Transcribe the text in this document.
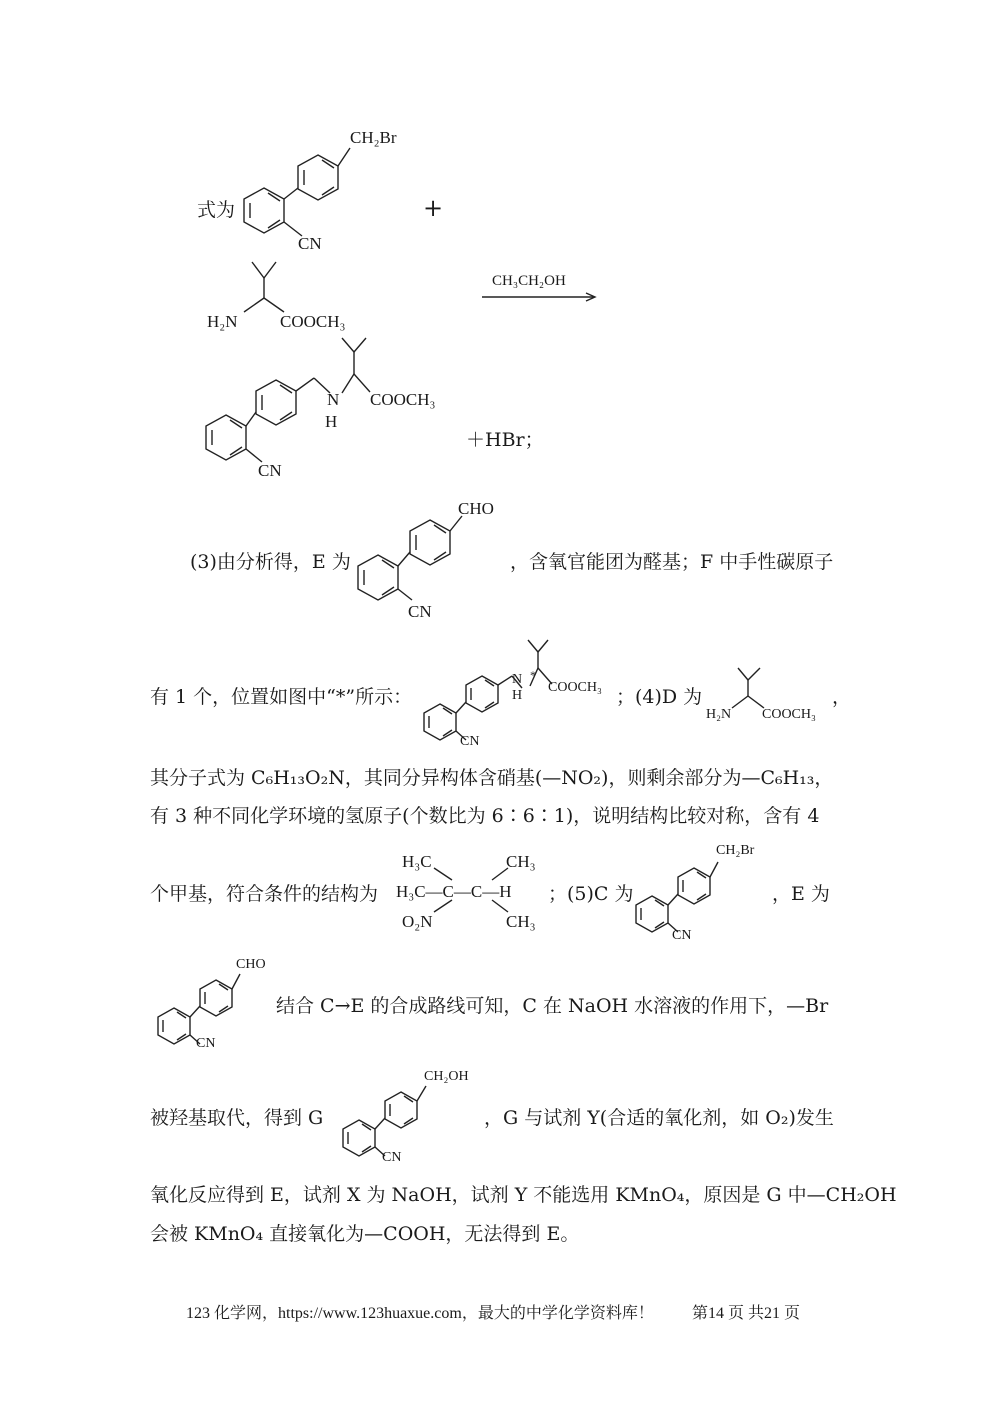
式为
CH₂Br
CN
+
H₂N	COOCH₃
CH₃CH₂OH
N
H
COOCH₃
CN
＋HBr；
(3)由分析得，E 为
CHO
CN
，含氧官能团为醛基；F 中手性碳原子
有 1 个，位置如图中“*”所示：
N
H
*
COOCH₃
CN
；(4)D 为
H₂N COOCH₃
，
其分子式为 C₆H₁₃O₂N，其同分异构体含硝基(—NO₂)，则剩余部分为—C₆H₁₃，
有 3 种不同化学环境的氢原子(个数比为 6∶6∶1)，说明结构比较对称，含有 4
个甲基，符合条件的结构为
H₃C	CH₃
H₃C—C—C—H
O₂N	CH₃
；(5)C 为
CH₂Br
CN
，E 为
CHO
CN
结合 C→E 的合成路线可知，C 在 NaOH 水溶液的作用下，—Br
被羟基取代，得到 G
CH₂OH
CN
，G 与试剂 Y(合适的氧化剂，如 O₂)发生
氧化反应得到 E，试剂 X 为 NaOH，试剂 Y 不能选用 KMnO₄，原因是 G 中—CH₂OH
会被 KMnO₄ 直接氧化为—COOH，无法得到 E。
123 化学网，https://www.123huaxue.com，最大的中学化学资料库！ 第14 页 共21 页
